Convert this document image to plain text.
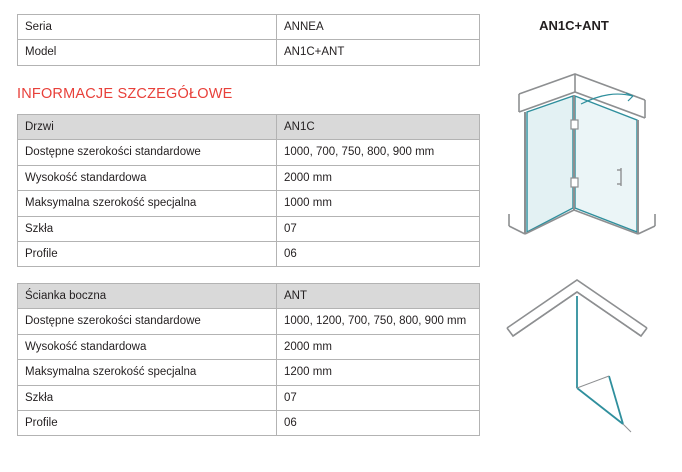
Seria	ANNEA
Model	AN1C+ANT
INFORMACJE SZCZEGÓŁOWE
Drzwi	AN1C
Dostępne szerokości standardowe	1000, 700, 750, 800, 900 mm
Wysokość standardowa	2000 mm
Maksymalna szerokość specjalna	1000 mm
Szkła	07
Profile	06
Ścianka boczna	ANT
Dostępne szerokości standardowe	1000, 1200, 700, 750, 800, 900 mm
Wysokość standardowa	2000 mm
Maksymalna szerokość specjalna	1200 mm
Szkła	07
Profile	06
AN1C+ANT
